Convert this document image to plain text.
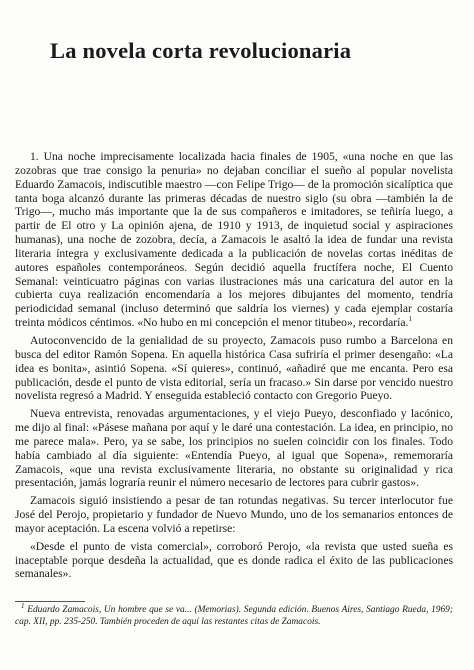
La novela corta revolucionaria

1. Una noche imprecisamente localizada hacia finales de 1905, «una noche en que las zozobras que trae consigo la penuria» no dejaban conciliar el sueño al popular novelista Eduardo Zamacois, indiscutible maestro —con Felipe Trigo— de la promoción sicalíptica que tanta boga alcanzó durante las primeras décadas de nuestro siglo (su obra —también la de Trigo—, mucho más importante que la de sus compañeros e imitadores, se teñiría luego, a partir de El otro y La opinión ajena, de 1910 y 1913, de inquietud social y aspiraciones humanas), una noche de zozobra, decía, a Zamacois le asaltó la idea de fundar una revista literaria íntegra y exclusivamente dedicada a la publicación de novelas cortas inéditas de autores españoles contemporáneos. Según decidió aquella fructífera noche, El Cuento Semanal: veinticuatro páginas con varias ilustraciones más una caricatura del autor en la cubierta cuya realización encomendaría a los mejores dibujantes del momento, tendría periodicidad semanal (incluso determinó que saldría los viernes) y cada ejemplar costaría treinta módicos céntimos. «No hubo en mi concepción el menor titubeo», recordaría.$^1$

Autoconvencido de la genialidad de su proyecto, Zamacois puso rumbo a Barcelona en busca del editor Ramón Sopena. En aquella histórica Casa sufriría el primer desengaño: «La idea es bonita», asintió Sopena. «Sí quieres», continuó, «añadiré que me encanta. Pero esa publicación, desde el punto de vista editorial, sería un fracaso.» Sin darse por vencido nuestro novelista regresó a Madrid. Y enseguida estableció contacto con Gregorio Pueyo.

Nueva entrevista, renovadas argumentaciones, y el viejo Pueyo, desconfiado y lacónico, me dijo al final: «Pásese mañana por aquí y le daré una contestación. La idea, en principio, no me parece mala». Pero, ya se sabe, los principios no suelen coincidir con los finales. Todo había cambiado al día siguiente: «Entendía Pueyo, al igual que Sopena», rememoraría Zamacois, «que una revista exclusivamente literaria, no obstante su originalidad y rica presentación, jamás lograría reunir el número necesario de lectores para cubrir gastos».

Zamacois siguió insistiendo a pesar de tan rotundas negativas. Su tercer interlocutor fue José del Perojo, propietario y fundador de Nuevo Mundo, uno de los semanarios entonces de mayor aceptación. La escena volvió a repetirse:

«Desde el punto de vista comercial», corroboró Perojo, «la revista que usted sueña es inaceptable porque desdeña la actualidad, que es donde radica el éxito de las publicaciones semanales».

$^1$ Eduardo Zamacois, Un hombre que se va... (Memorias). Segunda edición. Buenos Aires, Santiago Rueda, 1969; cap. XII, pp. 235-250. También proceden de aquí las restantes citas de Zamacois.
